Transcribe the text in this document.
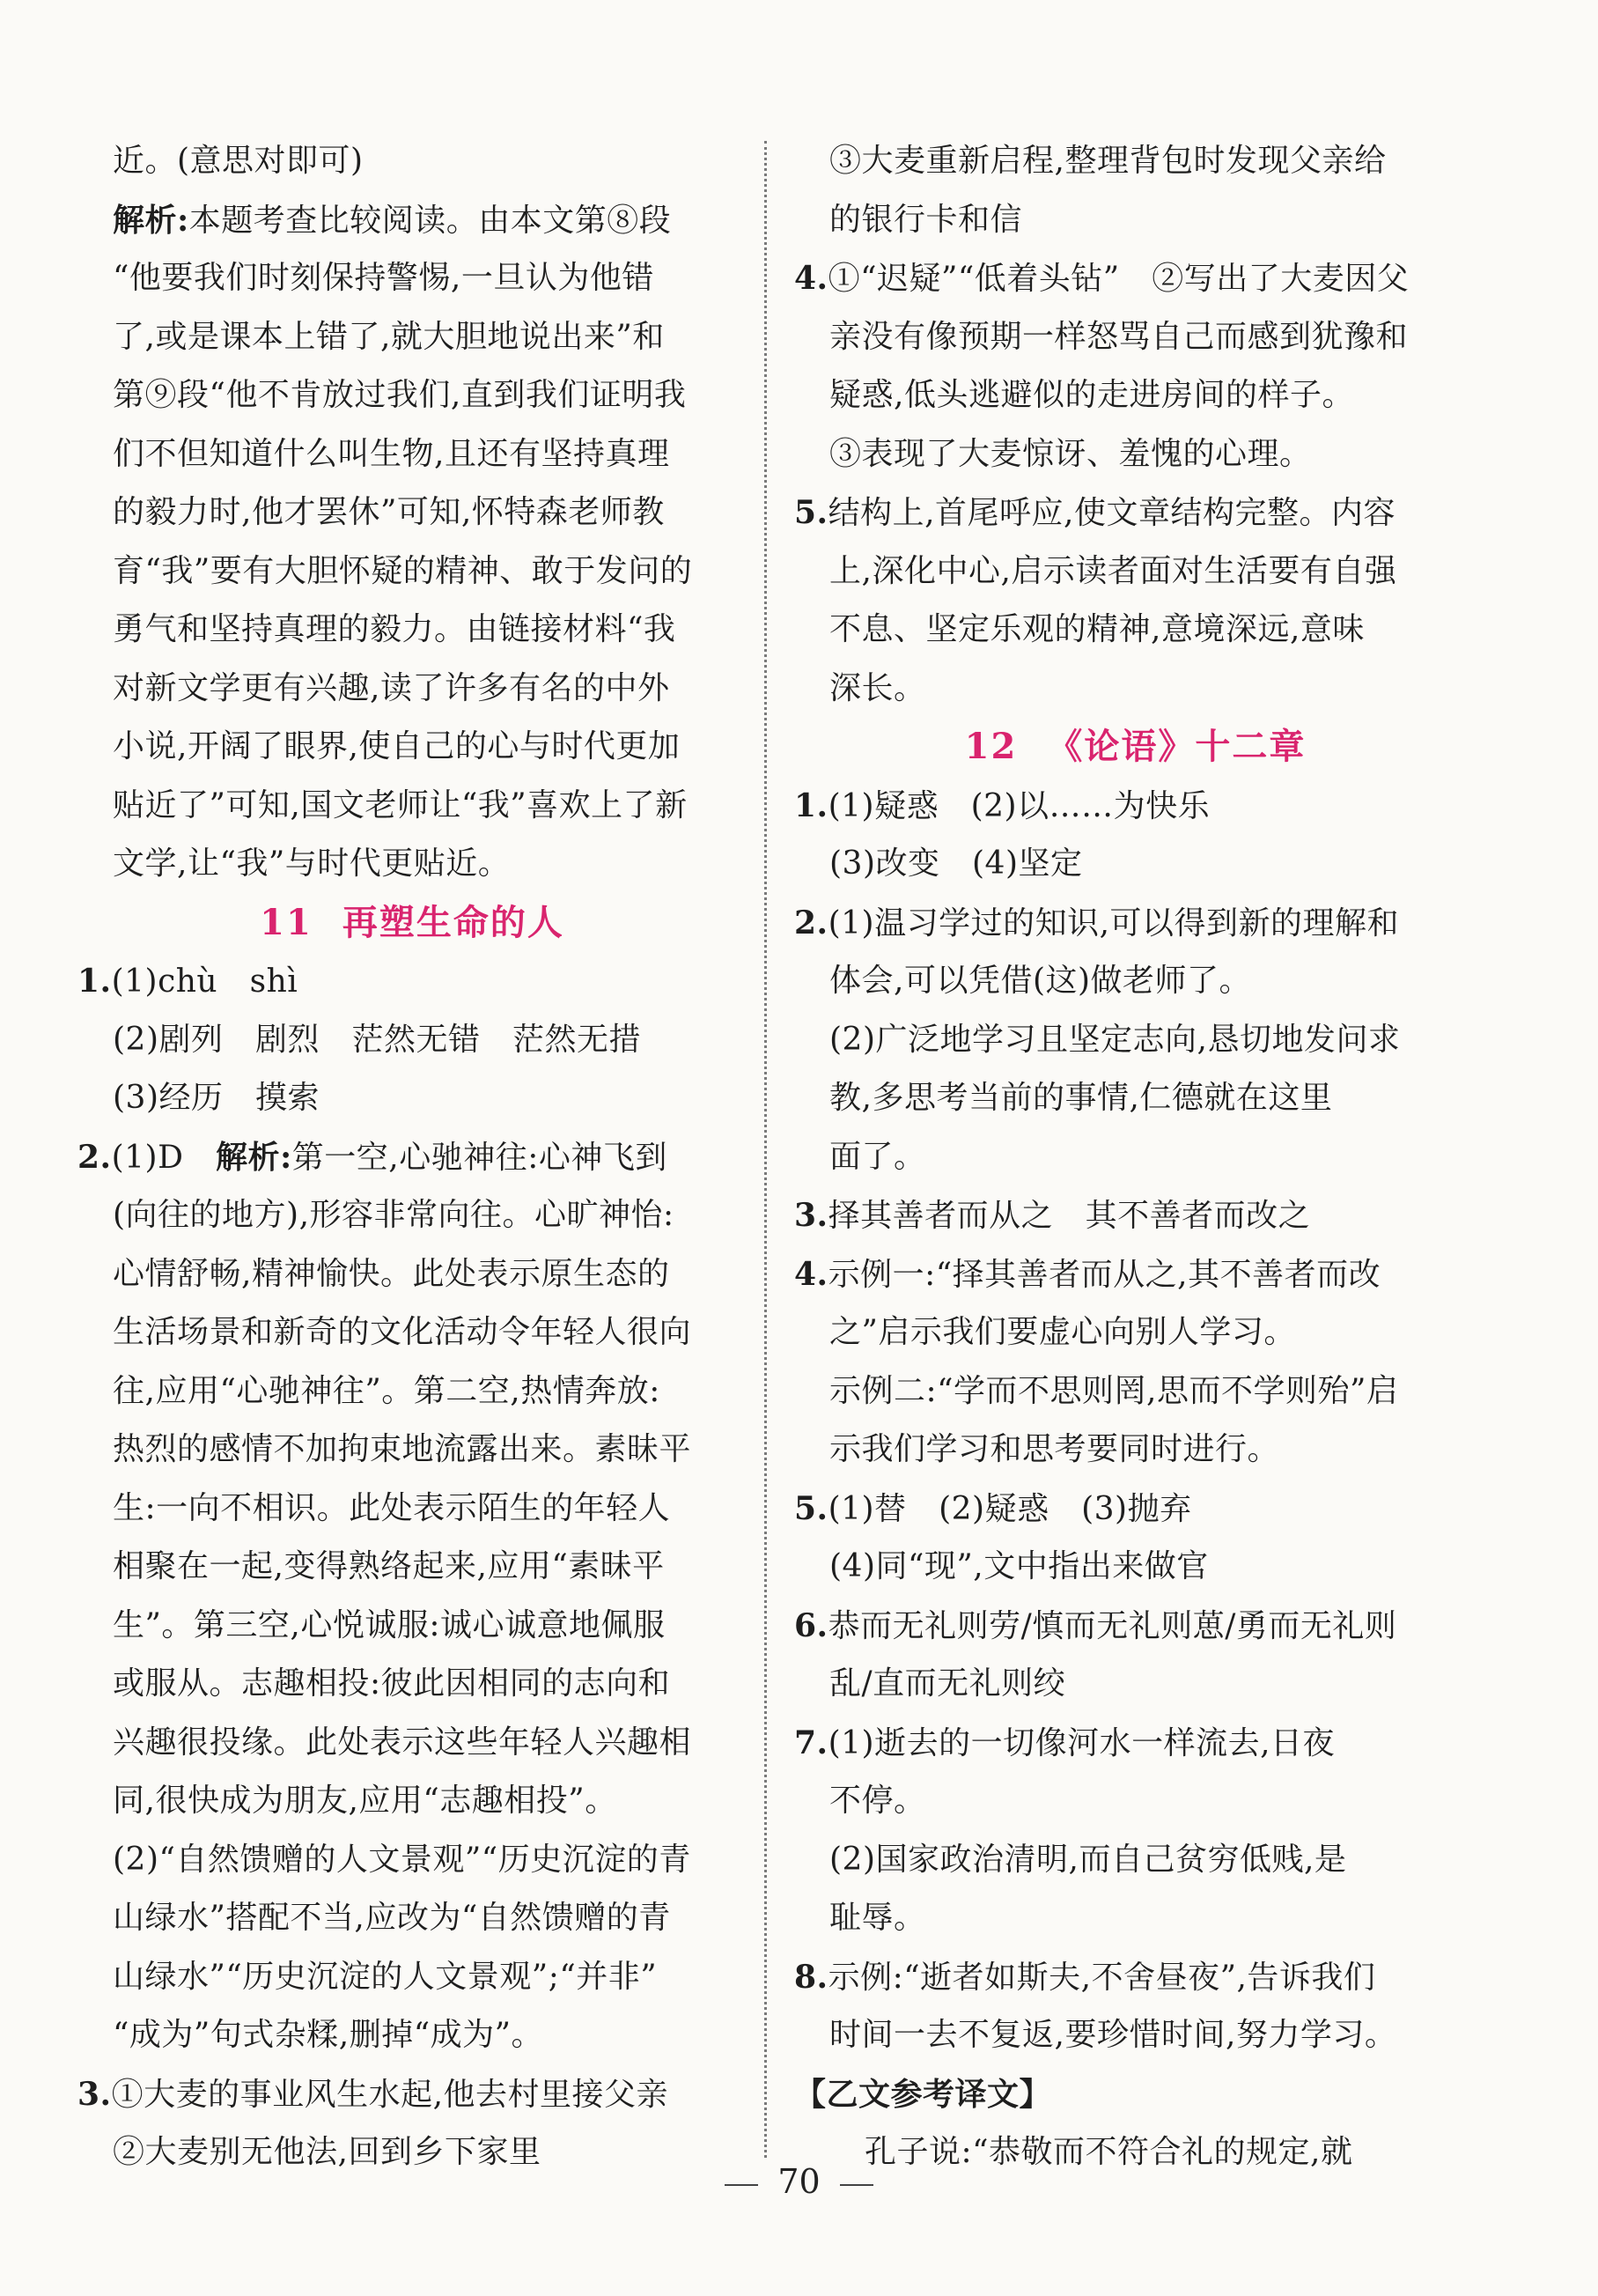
近。(意思对即可)
解析:本题考查比较阅读。由本文第⑧段
“他要我们时刻保持警惕,一旦认为他错
了,或是课本上错了,就大胆地说出来”和
第⑨段“他不肯放过我们,直到我们证明我
们不但知道什么叫生物,且还有坚持真理
的毅力时,他才罢休”可知,怀特森老师教
育“我”要有大胆怀疑的精神、敢于发问的
勇气和坚持真理的毅力。由链接材料“我
对新文学更有兴趣,读了许多有名的中外
小说,开阔了眼界,使自己的心与时代更加
贴近了”可知,国文老师让“我”喜欢上了新
文学,让“我”与时代更贴近。
11 再塑生命的人
1.(1)chù　shì
(2)剧列　剧烈　茫然无错　茫然无措
(3)经历　摸索
2.(1)D　解析:第一空,心驰神往:心神飞到
(向往的地方),形容非常向往。心旷神怡:
心情舒畅,精神愉快。此处表示原生态的
生活场景和新奇的文化活动令年轻人很向
往,应用“心驰神往”。第二空,热情奔放:
热烈的感情不加拘束地流露出来。素昧平
生:一向不相识。此处表示陌生的年轻人
相聚在一起,变得熟络起来,应用“素昧平
生”。第三空,心悦诚服:诚心诚意地佩服
或服从。志趣相投:彼此因相同的志向和
兴趣很投缘。此处表示这些年轻人兴趣相
同,很快成为朋友,应用“志趣相投”。
(2)“自然馈赠的人文景观”“历史沉淀的青
山绿水”搭配不当,应改为“自然馈赠的青
山绿水”“历史沉淀的人文景观”;“并非”
“成为”句式杂糅,删掉“成为”。
3.①大麦的事业风生水起,他去村里接父亲
②大麦别无他法,回到乡下家里
③大麦重新启程,整理背包时发现父亲给
的银行卡和信
4.①“迟疑”“低着头钻”　②写出了大麦因父
亲没有像预期一样怒骂自己而感到犹豫和
疑惑,低头逃避似的走进房间的样子。
③表现了大麦惊讶、羞愧的心理。
5.结构上,首尾呼应,使文章结构完整。内容
上,深化中心,启示读者面对生活要有自强
不息、坚定乐观的精神,意境深远,意味
深长。
12 《论语》十二章
1.(1)疑惑　(2)以……为快乐
(3)改变　(4)坚定
2.(1)温习学过的知识,可以得到新的理解和
体会,可以凭借(这)做老师了。
(2)广泛地学习且坚定志向,恳切地发问求
教,多思考当前的事情,仁德就在这里
面了。
3.择其善者而从之　其不善者而改之
4.示例一:“择其善者而从之,其不善者而改
之”启示我们要虚心向别人学习。
示例二:“学而不思则罔,思而不学则殆”启
示我们学习和思考要同时进行。
5.(1)替　(2)疑惑　(3)抛弃
(4)同“现”,文中指出来做官
6.恭而无礼则劳/慎而无礼则葸/勇而无礼则
乱/直而无礼则绞
7.(1)逝去的一切像河水一样流去,日夜
不停。
(2)国家政治清明,而自己贫穷低贱,是
耻辱。
8.示例:“逝者如斯夫,不舍昼夜”,告诉我们
时间一去不复返,要珍惜时间,努力学习。
【乙文参考译文】
孔子说:“恭敬而不符合礼的规定,就
70
